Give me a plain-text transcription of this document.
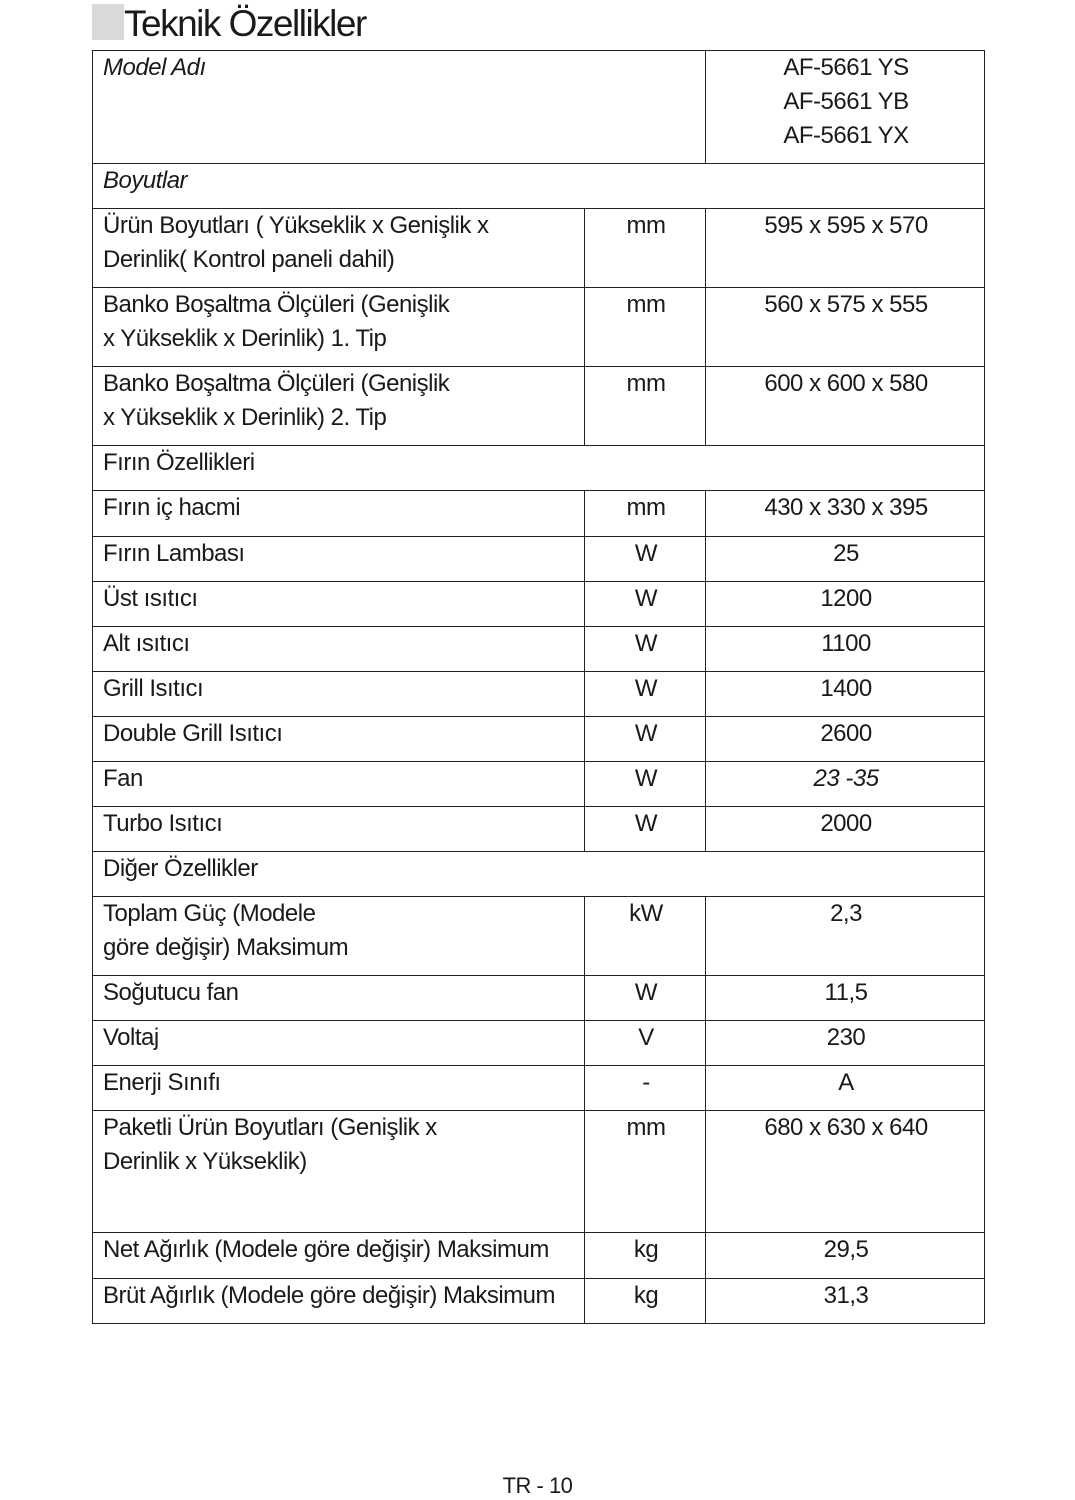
Teknik Özellikler
Model Adı		AF-5661 YS
AF-5661 YB
AF-5661 YX

Boyutlar		

Ürün Boyutları ( Yükseklik x Genişlik x
Derinlik( Kontrol paneli dahil)	mm	595 x 595 x 570

Banko Boşaltma Ölçüleri (Genişlik
x Yükseklik x Derinlik) 1. Tip	mm	560 x 575 x 555

Banko Boşaltma Ölçüleri (Genişlik
x Yükseklik x Derinlik) 2. Tip	mm	600 x 600 x 580
Fırın Özellikleri		
Fırın iç hacmi	mm	430 x 330 x 395
Fırın Lambası	W	25
Üst ısıtıcı	W	1200
Alt ısıtıcı	W	1100
Grill Isıtıcı	W	1400
Double Grill Isıtıcı	W	2600
Fan	W	23 -35
Turbo Isıtıcı	W	2000
Diğer Özellikler		

Toplam Güç (Modele
göre değişir) Maksimum	kW	2,3
Soğutucu fan	W	11,5
Voltaj	V	230
Enerji Sınıfı	-	A

Paketli Ürün Boyutları (Genişlik x
Derinlik x Yükseklik)	mm	680 x 630 x 640
Net Ağırlık (Modele göre değişir) Maksimum	kg	29,5
Brüt Ağırlık (Modele göre değişir) Maksimum	kg	31,3
TR - 10
